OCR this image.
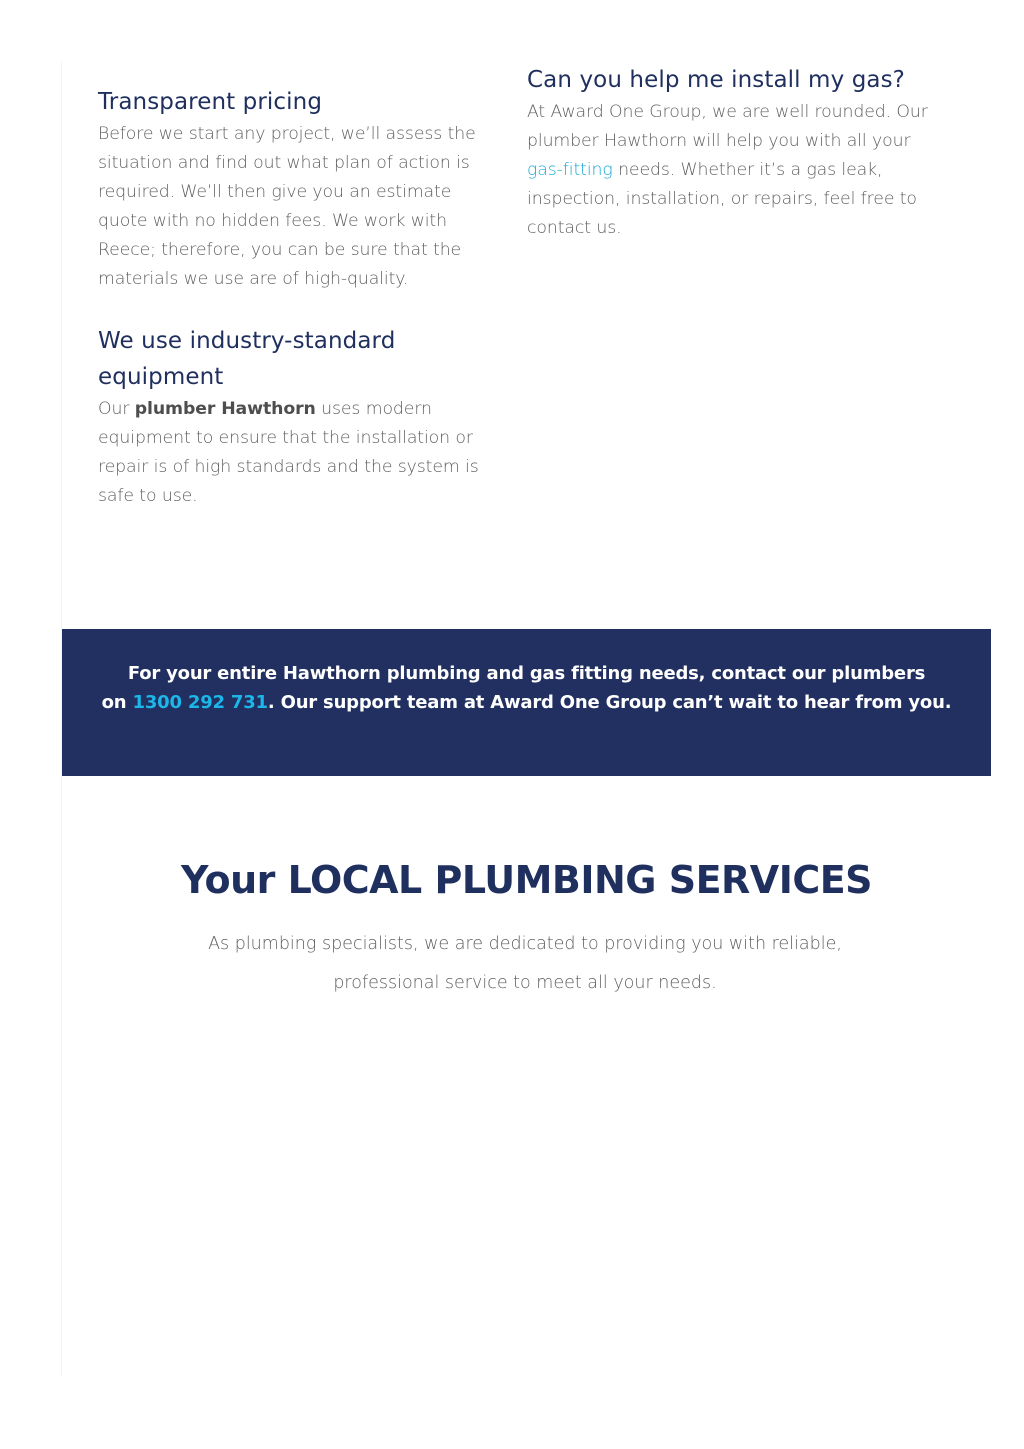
Transparent pricing

Before we start any project, we’ll assess the situation and find out what plan of action is required. We’ll then give you an estimate quote with no hidden fees. We work with Reece; therefore, you can be sure that the materials we use are of high-quality.

We use industry-standard equipment

Our plumber Hawthorn uses modern equipment to ensure that the installation or repair is of high standards and the system is safe to use.

Can you help me install my gas?

At Award One Group, we are well rounded. Our plumber Hawthorn will help you with all your gas-fitting needs. Whether it’s a gas leak, inspection, installation, or repairs, feel free to contact us.

For your entire Hawthorn plumbing and gas fitting needs, contact our plumbers
on 1300 292 731. Our support team at Award One Group can’t wait to hear from you.
Your LOCAL PLUMBING SERVICES

As plumbing specialists, we are dedicated to providing you with reliable, professional service to meet all your needs.
